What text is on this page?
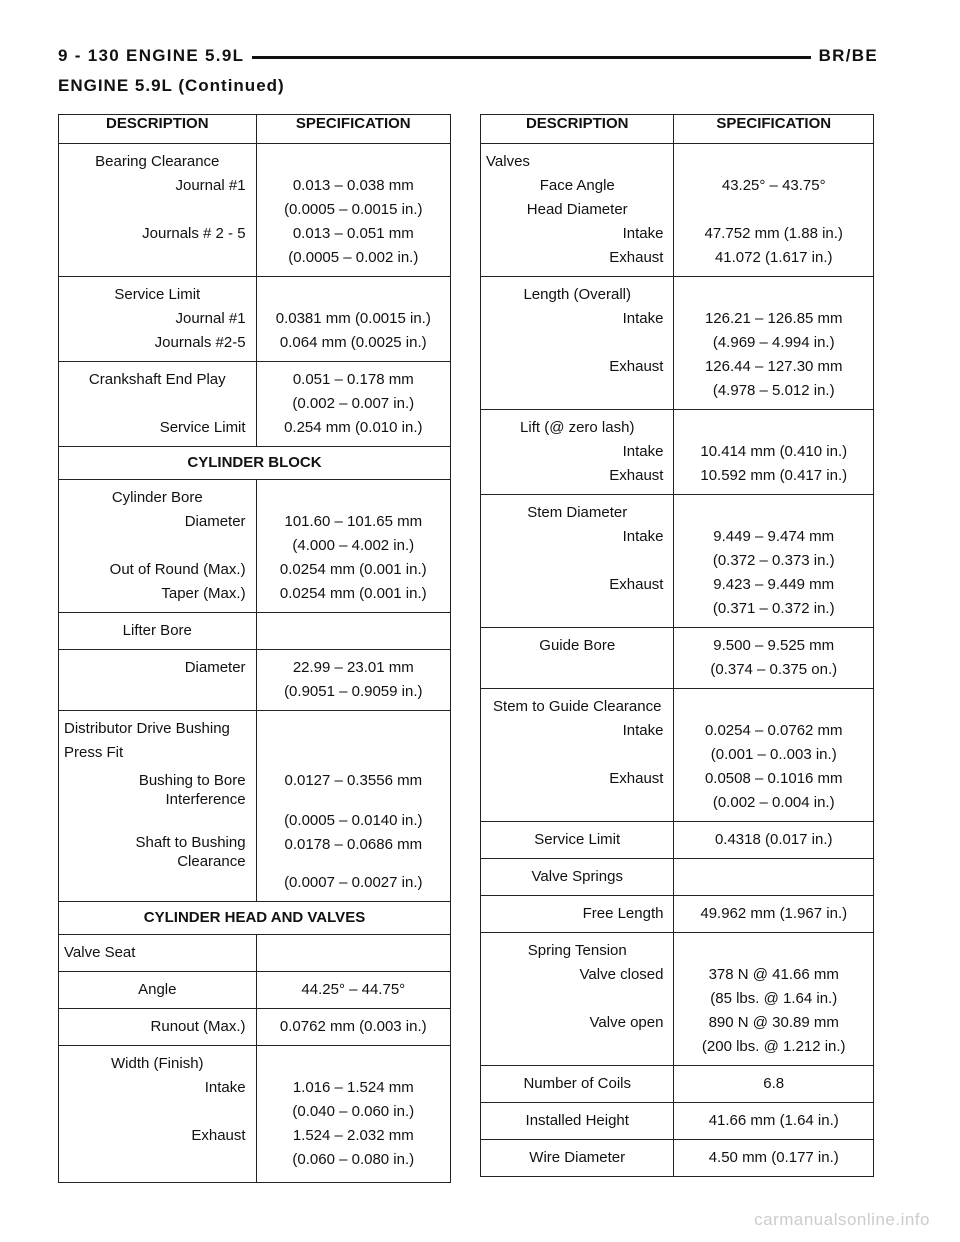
9 - 130 ENGINE 5.9L	BR/BE
ENGINE 5.9L (Continued)
DESCRIPTION	SPECIFICATION
Bearing Clearance	
Journal #1	0.013 – 0.038 mm
	(0.0005 – 0.0015 in.)
Journals # 2 - 5	0.013 – 0.051 mm
	(0.0005 – 0.002 in.)
Service Limit	
Journal #1	0.0381 mm (0.0015 in.)
Journals #2-5	0.064 mm (0.0025 in.)
Crankshaft End Play	0.051 – 0.178 mm
	(0.002 – 0.007 in.)
Service Limit	0.254 mm (0.010 in.)
CYLINDER BLOCK	
Cylinder Bore	
Diameter	101.60 – 101.65 mm
	(4.000 – 4.002 in.)
Out of Round (Max.)	0.0254 mm (0.001 in.)
Taper (Max.)	0.0254 mm (0.001 in.)
Lifter Bore	
Diameter	22.99 – 23.01 mm
	(0.9051 – 0.9059 in.)
Distributor Drive Bushing	
Press Fit	
Bushing to Bore Interference	0.0127 – 0.3556 mm
	(0.0005 – 0.0140 in.)
Shaft to Bushing Clearance	0.0178 – 0.0686 mm
	(0.0007 – 0.0027 in.)
CYLINDER HEAD AND VALVES	
Valve Seat	
Angle	44.25° – 44.75°
Runout (Max.)	0.0762 mm (0.003 in.)
Width (Finish)	
Intake	1.016 – 1.524 mm
	(0.040 – 0.060 in.)
Exhaust	1.524 – 2.032 mm
	(0.060 – 0.080 in.)
DESCRIPTION	SPECIFICATION
Valves	
Face Angle	43.25° – 43.75°
Head Diameter	
Intake	47.752 mm (1.88 in.)
Exhaust	41.072 (1.617 in.)
Length (Overall)	
Intake	126.21 – 126.85 mm
	(4.969 – 4.994 in.)
Exhaust	126.44 – 127.30 mm
	(4.978 – 5.012 in.)
Lift (@ zero lash)	
Intake	10.414 mm (0.410 in.)
Exhaust	10.592 mm (0.417 in.)
Stem Diameter	
Intake	9.449 – 9.474 mm
	(0.372 – 0.373 in.)
Exhaust	9.423 – 9.449 mm
	(0.371 – 0.372 in.)
Guide Bore	9.500 – 9.525 mm
	(0.374 – 0.375 on.)
Stem to Guide Clearance	
Intake	0.0254 – 0.0762 mm
	(0.001 – 0..003 in.)
Exhaust	0.0508 – 0.1016 mm
	(0.002 – 0.004 in.)
Service Limit	0.4318 (0.017 in.)
Valve Springs	
Free Length	49.962 mm (1.967 in.)
Spring Tension	
Valve closed	378 N @ 41.66 mm
	(85 lbs. @ 1.64 in.)
Valve open	890 N @ 30.89 mm
	(200 lbs. @ 1.212 in.)
Number of Coils	6.8
Installed Height	41.66 mm (1.64 in.)
Wire Diameter	4.50 mm (0.177 in.)
carmanualsonline.info
